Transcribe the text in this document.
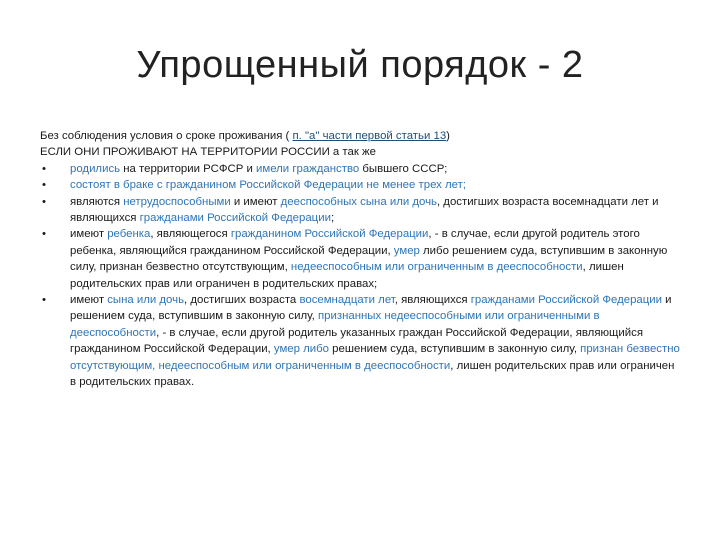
Упрощенный порядок - 2

Без соблюдения условия о сроке проживания ( п. "а" части первой статьи 13)

ЕСЛИ ОНИ ПРОЖИВАЮТ НА ТЕРРИТОРИИ РОССИИ а так же

• родились на территории РСФСР и имели гражданство бывшего СССР;

• состоят в браке с гражданином Российской Федерации не менее трех лет;

• являются нетрудоспособными и имеют дееспособных сына или дочь, достигших возраста восемнадцати лет и являющихся гражданами Российской Федерации;

• имеют ребенка, являющегося гражданином Российской Федерации, - в случае, если другой родитель этого ребенка, являющийся гражданином Российской Федерации, умер либо решением суда, вступившим в законную силу, признан безвестно отсутствующим, недееспособным или ограниченным в дееспособности, лишен родительских прав или ограничен в родительских правах;

• имеют сына или дочь, достигших возраста восемнадцати лет, являющихся гражданами Российской Федерации и решением суда, вступившим в законную силу, признанных недееспособными или ограниченными в дееспособности, - в случае, если другой родитель указанных граждан Российской Федерации, являющийся гражданином Российской Федерации, умер либо решением суда, вступившим в законную силу, признан безвестно отсутствующим, недееспособным или ограниченным в дееспособности, лишен родительских прав или ограничен в родительских правах.
